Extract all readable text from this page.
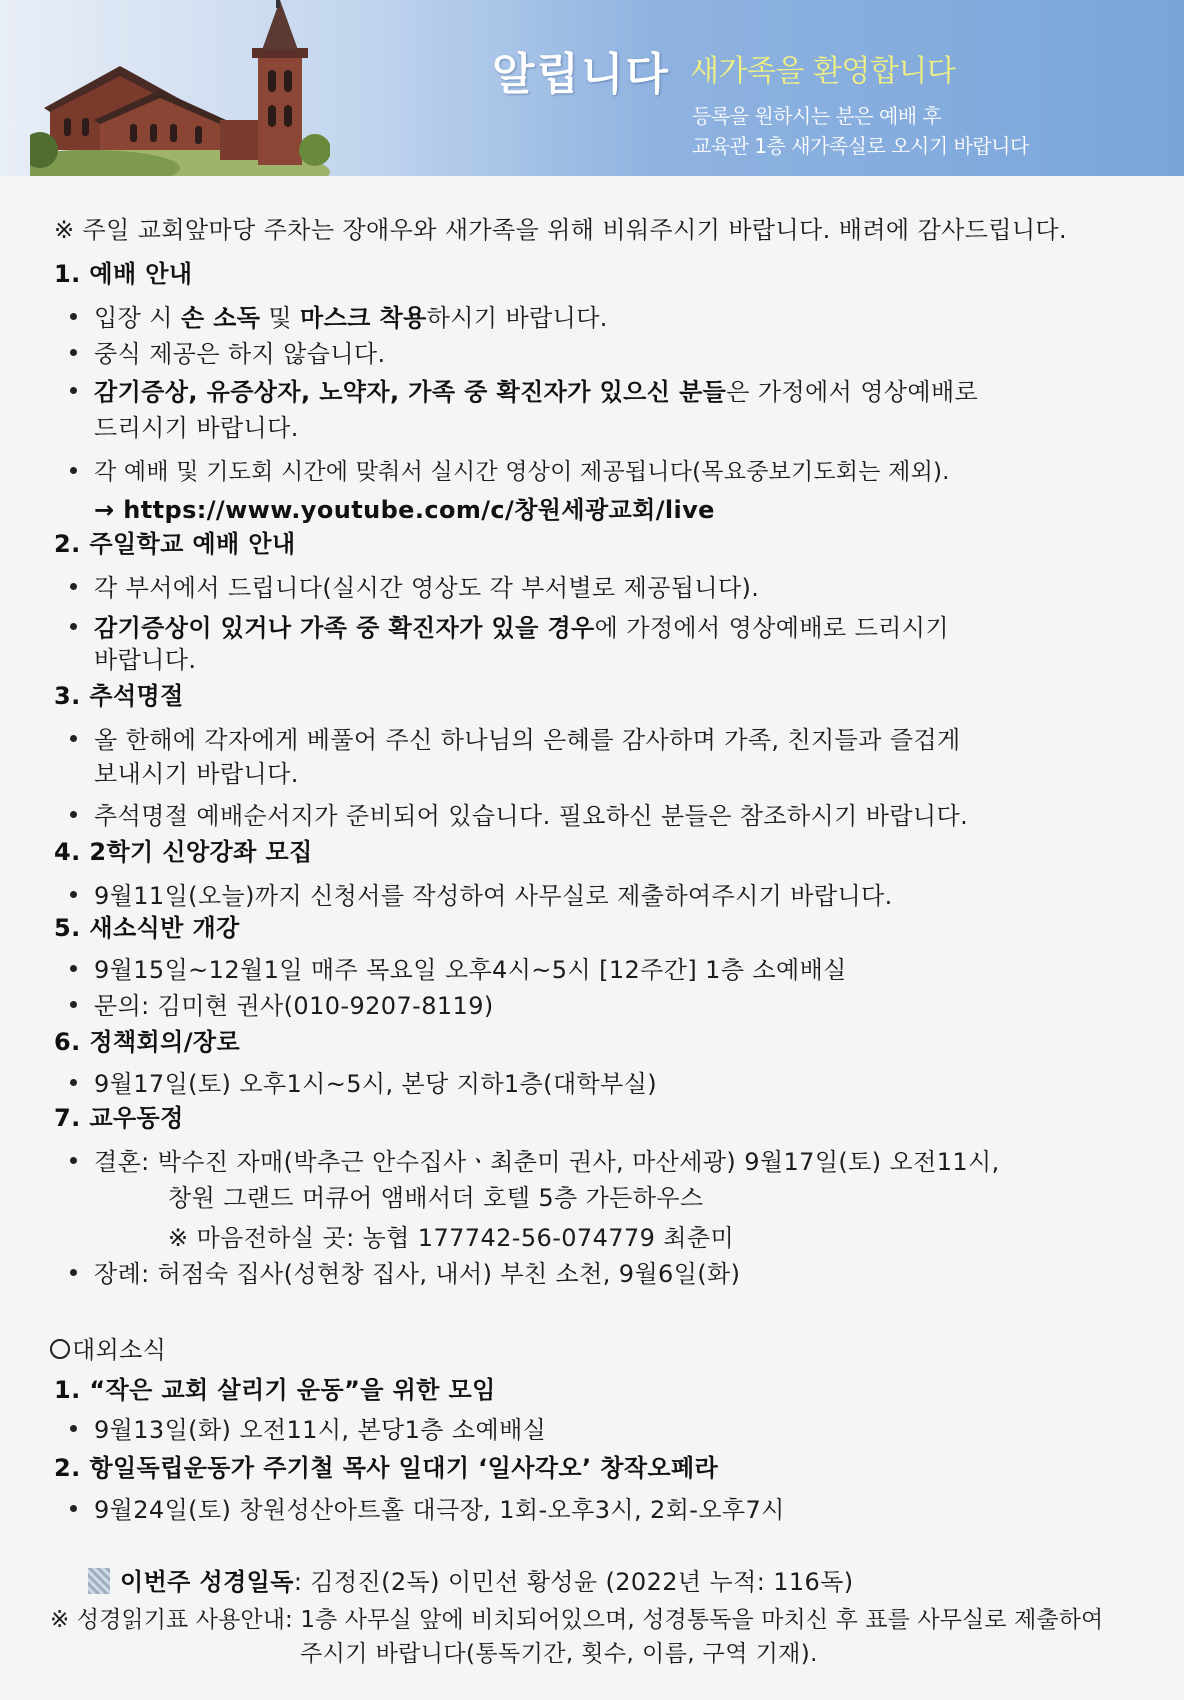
알립니다 새가족을 환영합니다
등록을 원하시는 분은 예배 후
교육관 1층 새가족실로 오시기 바랍니다
※ 주일 교회앞마당 주차는 장애우와 새가족을 위해 비워주시기 바랍니다. 배려에 감사드립니다.
1. 예배 안내
입장 시 손 소독 및 마스크 착용하시기 바랍니다.
중식 제공은 하지 않습니다.
감기증상, 유증상자, 노약자, 가족 중 확진자가 있으신 분들은 가정에서 영상예배로
드리시기 바랍니다.
각 예배 및 기도회 시간에 맞춰서 실시간 영상이 제공됩니다(목요중보기도회는 제외).
→ https://www.youtube.com/c/창원세광교회/live
2. 주일학교 예배 안내
각 부서에서 드립니다(실시간 영상도 각 부서별로 제공됩니다).
감기증상이 있거나 가족 중 확진자가 있을 경우에 가정에서 영상예배로 드리시기
바랍니다.
3. 추석명절
올 한해에 각자에게 베풀어 주신 하나님의 은혜를 감사하며 가족, 친지들과 즐겁게
보내시기 바랍니다.
추석명절 예배순서지가 준비되어 있습니다. 필요하신 분들은 참조하시기 바랍니다.
4. 2학기 신앙강좌 모집
9월11일(오늘)까지 신청서를 작성하여 사무실로 제출하여주시기 바랍니다.
5. 새소식반 개강
9월15일~12월1일 매주 목요일 오후4시~5시 [12주간] 1층 소예배실
문의: 김미현 권사(010-9207-8119)
6. 정책회의/장로
9월17일(토) 오후1시~5시, 본당 지하1층(대학부실)
7. 교우동정
결혼: 박수진 자매(박추근 안수집사ㆍ최춘미 권사, 마산세광) 9월17일(토) 오전11시,
창원 그랜드 머큐어 앰배서더 호텔 5층 가든하우스
※ 마음전하실 곳: 농협 177742-56-074779 최춘미
장례: 허점숙 집사(성현창 집사, 내서) 부친 소천, 9월6일(화)
대외소식
1. “작은 교회 살리기 운동”을 위한 모임
9월13일(화) 오전11시, 본당1층 소예배실
2. 항일독립운동가 주기철 목사 일대기 ‘일사각오’ 창작오페라
9월24일(토) 창원성산아트홀 대극장, 1회-오후3시, 2회-오후7시
이번주 성경일독: 김정진(2독) 이민선 황성윤 (2022년 누적: 116독)
※ 성경읽기표 사용안내: 1층 사무실 앞에 비치되어있으며, 성경통독을 마치신 후 표를 사무실로 제출하여
주시기 바랍니다(통독기간, 횟수, 이름, 구역 기재).
